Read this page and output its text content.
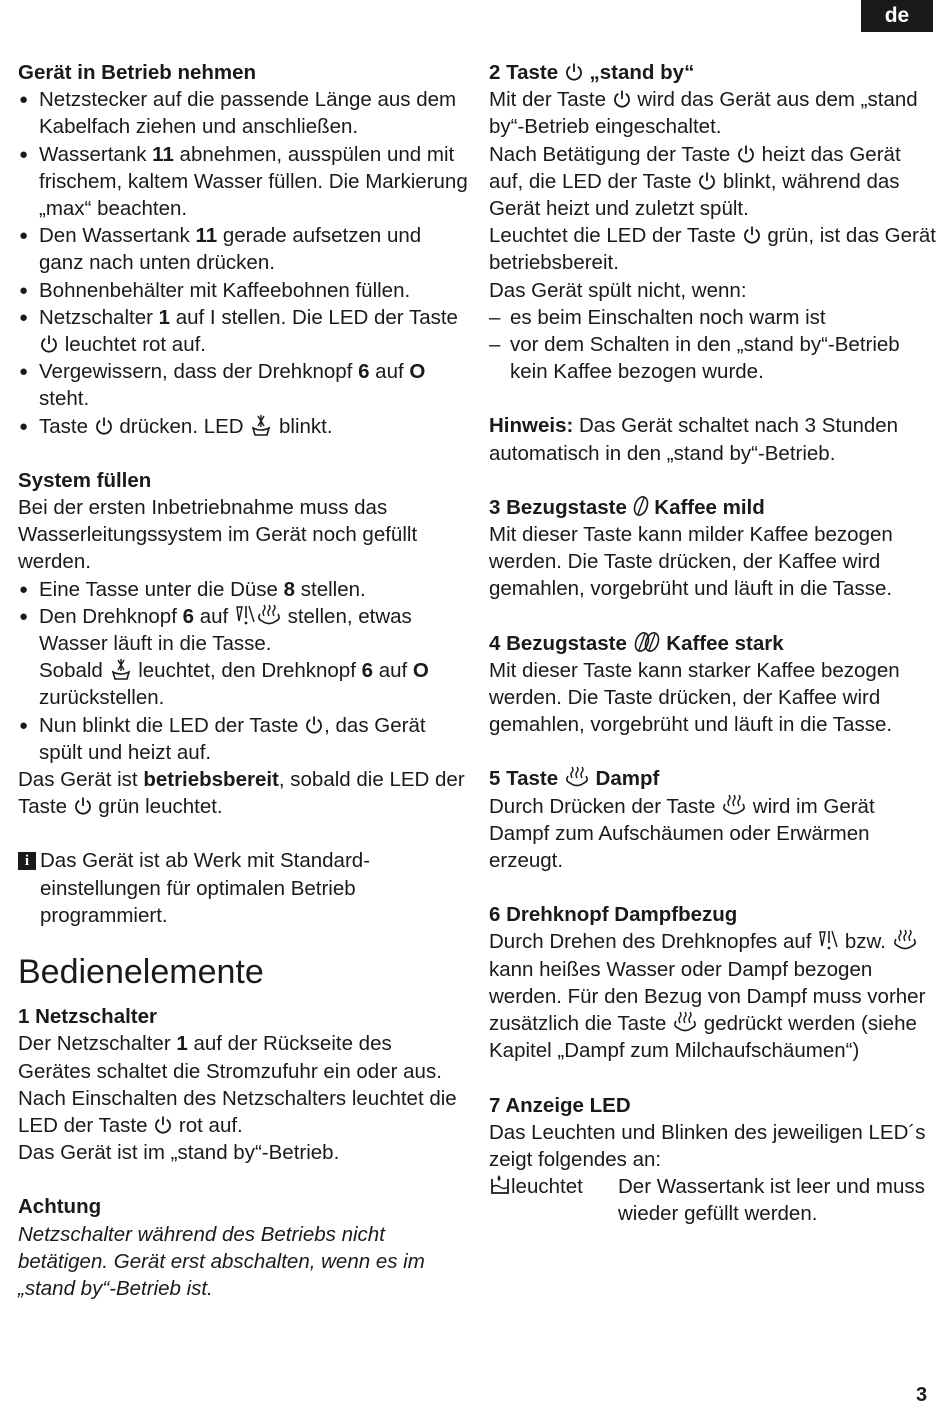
de
Gerät in Betrieb nehmen
● Netzstecker auf die passende Länge aus dem Kabelfach ziehen und anschließen.
● Wassertank 11 abnehmen, ausspülen und mit frischem, kaltem Wasser füllen. Die Markierung „max“ beachten.
● Den Wassertank 11 gerade aufsetzen und ganz nach unten drücken.
● Bohnenbehälter mit Kaffeebohnen füllen.
● Netzschalter 1 auf I stellen. Die LED der Taste
leuchtet rot auf.
● Vergewissern, dass der Drehknopf 6 auf O steht.
● Taste
drücken. LED
blinkt.
System füllen

Bei der ersten Inbetriebnahme muss das Wasserleitungssystem im Gerät noch gefüllt werden.

● Eine Tasse unter die Düse 8 stellen.
● Den Drehknopf 6 auf
stellen, etwas Wasser läuft in die Tasse.
Sobald
leuchtet, den Drehknopf 6 auf O zurückstellen.
● Nun blinkt die LED der Taste
, das Gerät spült und heizt auf.

Das Gerät ist betriebsbereit, sobald die LED der Taste
grün leuchtet.

i Das Gerät ist ab Werk mit Standardeinstellungen für optimalen Betrieb programmiert.
Bedienelemente
1 Netzschalter

Der Netzschalter 1 auf der Rückseite des Gerätes schaltet die Stromzufuhr ein oder aus.

Nach Einschalten des Netzschalters leuchtet die LED der Taste
rot auf.

Das Gerät ist im „stand by“-Betrieb.

Achtung

Netzschalter während des Betriebs nicht betätigen. Gerät erst abschalten, wenn es im „stand by“-Betrieb ist.

2 Taste
„stand by“

Mit der Taste
wird das Gerät aus dem „stand by“-Betrieb eingeschaltet.

Nach Betätigung der Taste
heizt das Gerät auf, die LED der Taste
blinkt, während das Gerät heizt und zuletzt spült.

Leuchtet die LED der Taste
grün, ist das Gerät betriebsbereit.

Das Gerät spült nicht, wenn:

– es beim Einschalten noch warm ist
– vor dem Schalten in den „stand by“-Betrieb kein Kaffee bezogen wurde.

Hinweis: Das Gerät schaltet nach 3 Stunden automatisch in den „stand by“-Betrieb.

3 Bezugstaste
Kaffee mild

Mit dieser Taste kann milder Kaffee bezogen werden. Die Taste drücken, der Kaffee wird gemahlen, vorgebrüht und läuft in die Tasse.

4 Bezugstaste
Kaffee stark

Mit dieser Taste kann starker Kaffee bezogen werden. Die Taste drücken, der Kaffee wird gemahlen, vorgebrüht und läuft in die Tasse.

5 Taste
Dampf

Durch Drücken der Taste
wird im Gerät Dampf zum Aufschäumen oder Erwärmen erzeugt.

6 Drehknopf Dampfbezug

Durch Drehen des Drehknopfes auf
bzw.
kann heißes Wasser oder Dampf bezogen werden. Für den Bezug von Dampf muss vorher zusätzlich die Taste
gedrückt werden (siehe Kapitel „Dampf zum Milchaufschäumen“)

7 Anzeige LED

Das Leuchten und Blinken des jeweiligen LED´s zeigt folgendes an:

leuchtet	Der Wassertank ist leer und muss wieder gefüllt werden.
3
